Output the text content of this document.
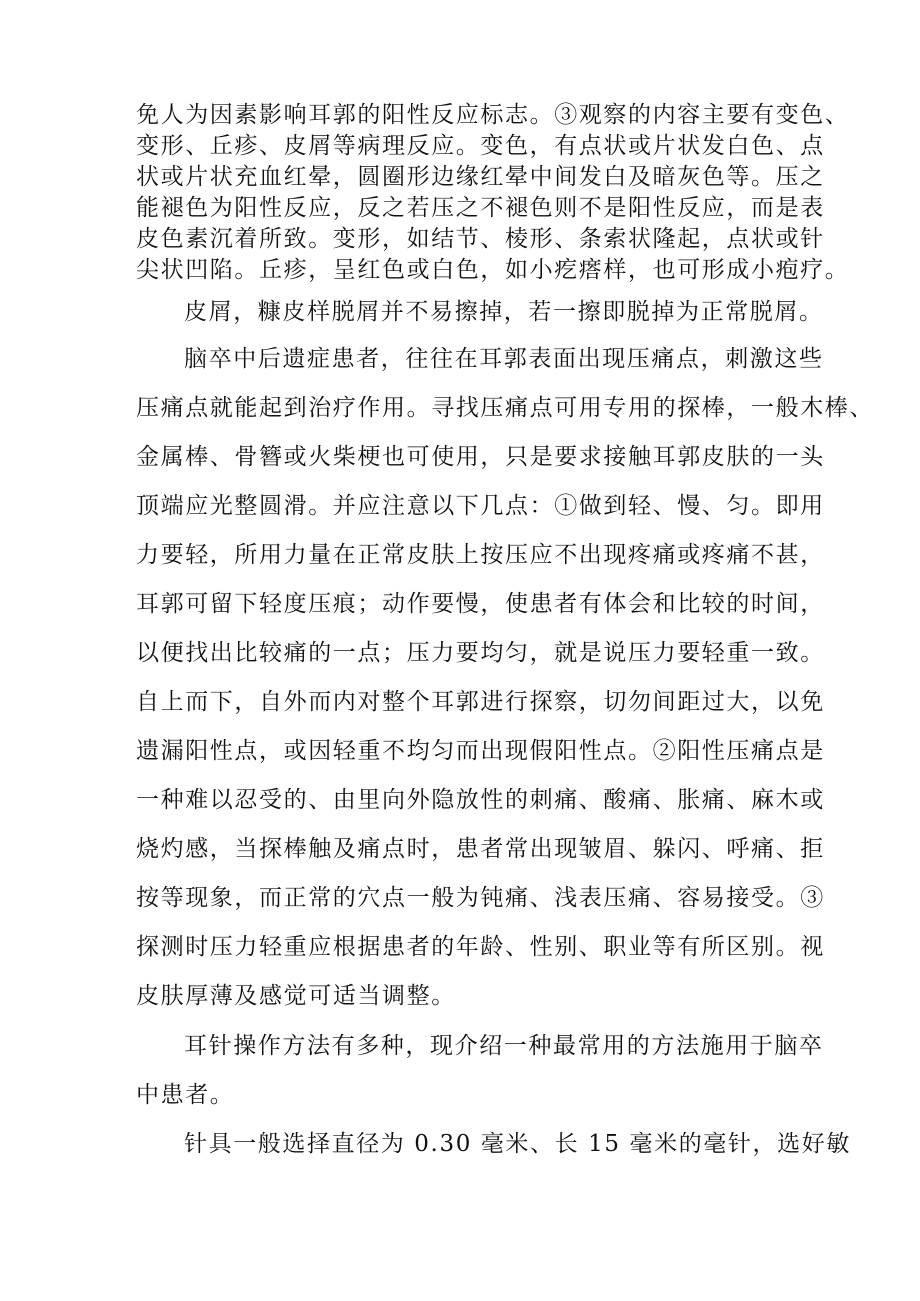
免人为因素影响耳郭的阳性反应标志。③观察的内容主要有变色、
变形、丘疹、皮屑等病理反应。变色，有点状或片状发白色、点
状或片状充血红晕，圆圈形边缘红晕中间发白及暗灰色等。压之
能褪色为阳性反应，反之若压之不褪色则不是阳性反应，而是表
皮色素沉着所致。变形，如结节、棱形、条索状隆起，点状或针
尖状凹陷。丘疹，呈红色或白色，如小疙瘩样，也可形成小疱疗。
皮屑，糠皮样脱屑并不易擦掉，若一擦即脱掉为正常脱屑。
脑卒中后遗症患者，往往在耳郭表面出现压痛点，刺激这些
压痛点就能起到治疗作用。寻找压痛点可用专用的探棒，一般木棒、
金属棒、骨簪或火柴梗也可使用，只是要求接触耳郭皮肤的一头
顶端应光整圆滑。并应注意以下几点：①做到轻、慢、匀。即用
力要轻，所用力量在正常皮肤上按压应不出现疼痛或疼痛不甚，
耳郭可留下轻度压痕；动作要慢，使患者有体会和比较的时间，
以便找出比较痛的一点；压力要均匀，就是说压力要轻重一致。
自上而下，自外而内对整个耳郭进行探察，切勿间距过大，以免
遗漏阳性点，或因轻重不均匀而出现假阳性点。②阳性压痛点是
一种难以忍受的、由里向外隐放性的刺痛、酸痛、胀痛、麻木或
烧灼感，当探棒触及痛点时，患者常出现皱眉、躲闪、呼痛、拒
按等现象，而正常的穴点一般为钝痛、浅表压痛、容易接受。③
探测时压力轻重应根据患者的年龄、性别、职业等有所区别。视
皮肤厚薄及感觉可适当调整。
耳针操作方法有多种，现介绍一种最常用的方法施用于脑卒
中患者。
针具一般选择直径为 0.30 毫米、长 15 毫米的毫针，选好敏
